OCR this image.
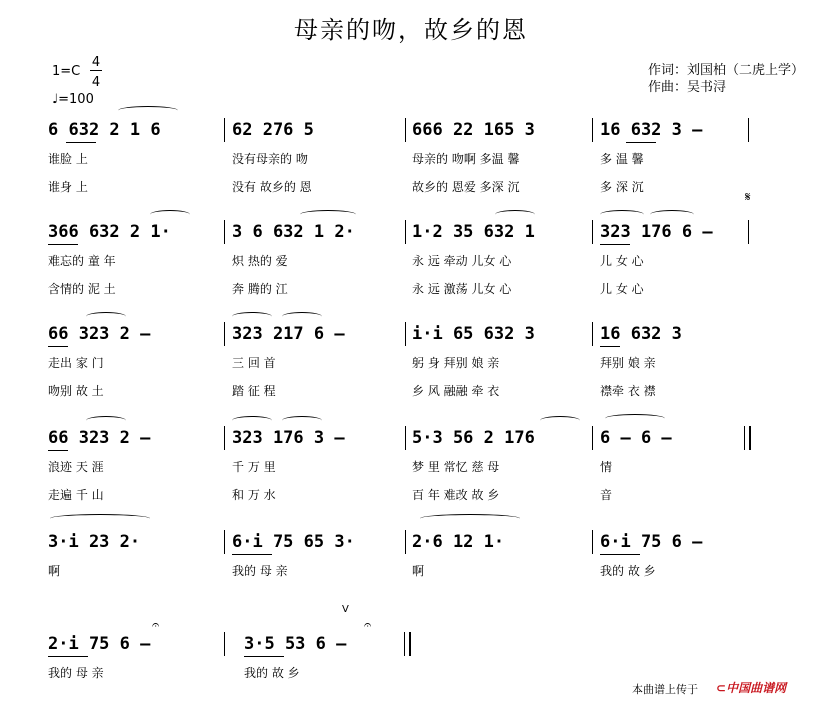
母亲的吻，故乡的恩
作词：刘国柏（二虎上学）
作曲：吴书浔
1=C
4
4
♩=100
𝄋
6 632 2 1 6	62 276 5	666 22 165 3	16 632 3 –
谁脸 上	没有母亲的 吻	母亲的 吻啊 多温 馨	多 温 馨
谁身 上	没有 故乡的 恩	故乡的 恩爱 多深 沉	多 深 沉
366 632 2 1·	3 6 632 1 2·	1·2 35 632 1	323 176 6 –
难忘的 童 年	炽 热的 爱	永 远 牵动 儿女 心	儿 女 心
含情的 泥 土	奔 腾的 江	永 远 激荡 儿女 心	儿 女 心
66 323 2 –	323 217 6 –	i·i 65 632 3	16 632 3
走出 家 门	三 回 首	躬 身 拜别 娘 亲	拜别 娘 亲
吻别 故 土	踏 征 程	乡 风 融融 牵 衣	襟牵 衣 襟
66 323 2 –	323 176 3 –	5·3 56 2 176	6 – 6 –
浪迹 天 涯	千 万 里	梦 里 常忆 慈 母	情
走遍 千 山	和 万 水	百 年 难改 故 乡	音
3·i 23 2·	6·i 75 65 3·	2·6 12 1·	6·i 75 6 –
啊	我的 母 亲	啊	我的 故 乡
2·i 75 6 –	3·5 53 6 –
我的 母 亲	我的 故 乡
𝄐	𝄐
V
本曲谱上传于 ⊂中国曲谱网
